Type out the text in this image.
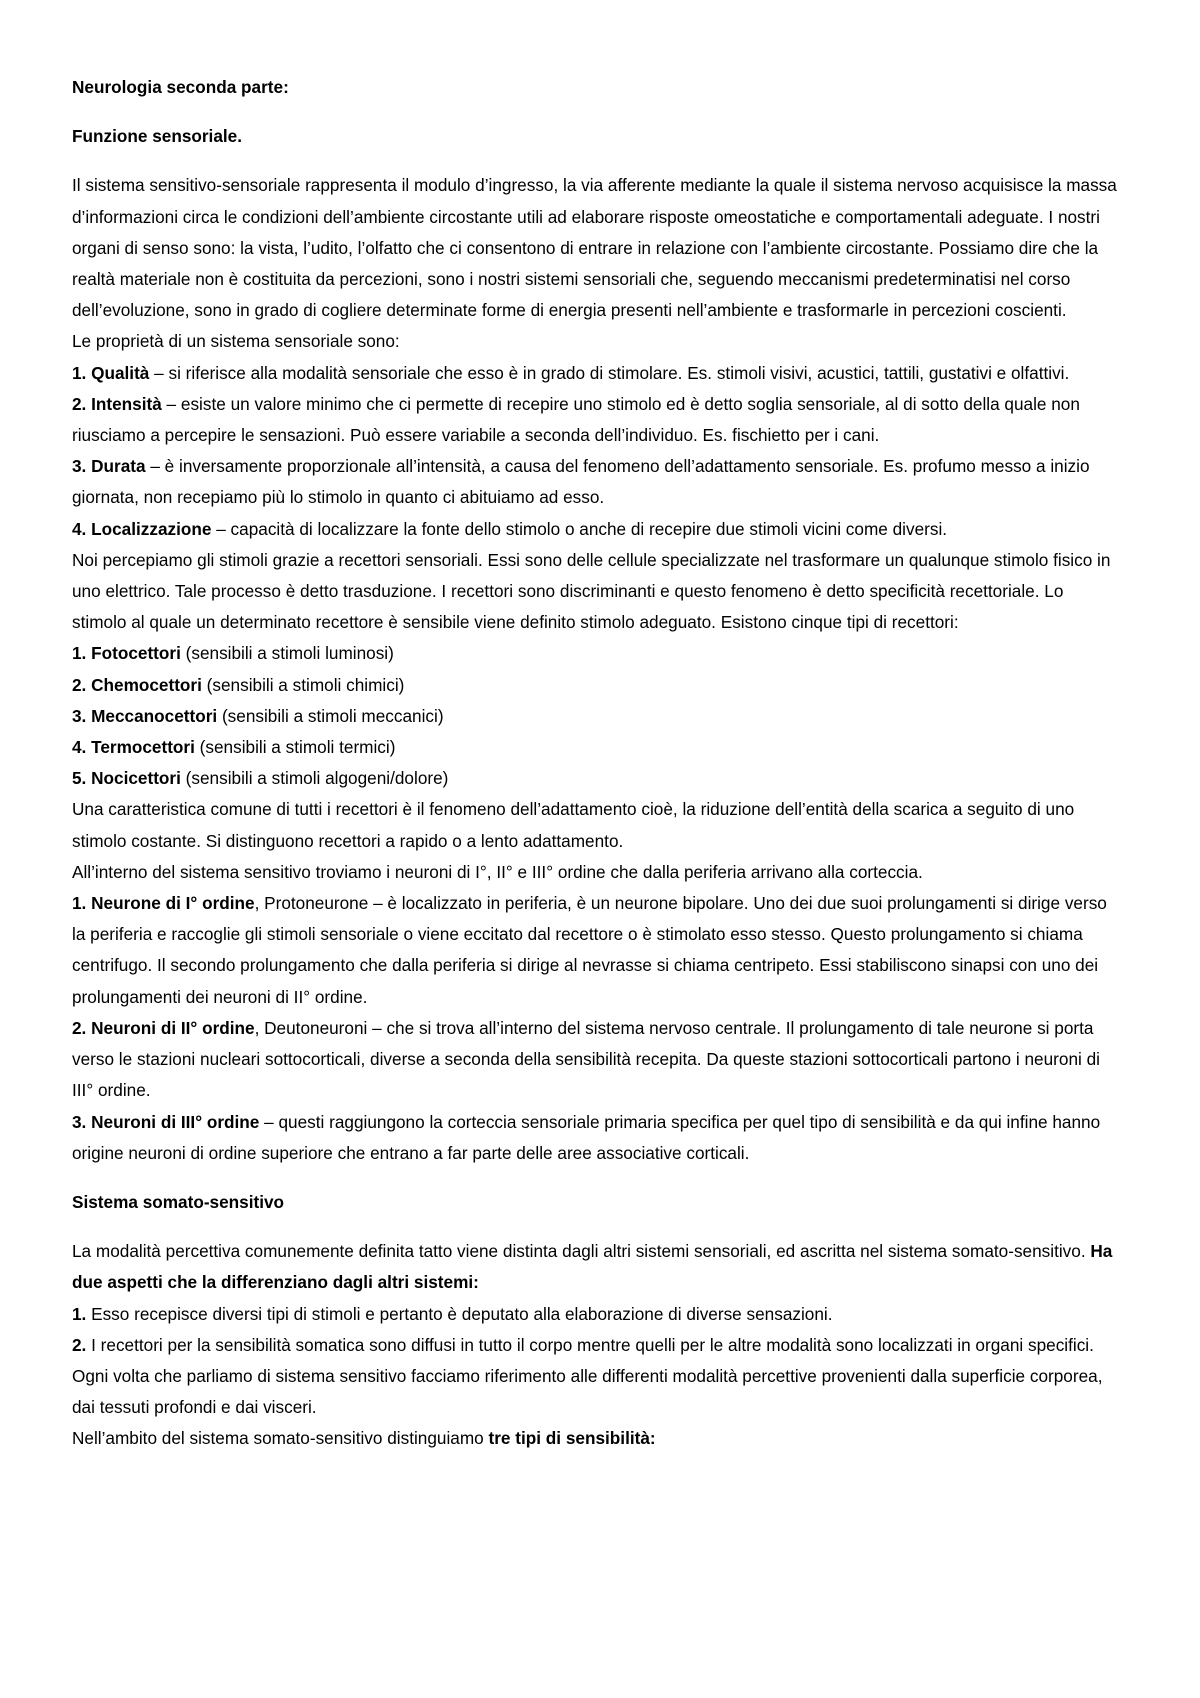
Neurologia seconda parte:

Funzione sensoriale.

Il sistema sensitivo-sensoriale rappresenta il modulo d’ingresso, la via afferente mediante la quale il sistema nervoso acquisisce la massa d’informazioni circa le condizioni dell’ambiente circostante utili ad elaborare risposte omeostatiche e comportamentali adeguate. I nostri organi di senso sono: la vista, l’udito, l’olfatto che ci consentono di entrare in relazione con l’ambiente circostante. Possiamo dire che la realtà materiale non è costituita da percezioni, sono i nostri sistemi sensoriali che, seguendo meccanismi predeterminatisi nel corso dell’evoluzione, sono in grado di cogliere determinate forme di energia presenti nell’ambiente e trasformarle in percezioni coscienti.

Le proprietà di un sistema sensoriale sono:

1. Qualità – si riferisce alla modalità sensoriale che esso è in grado di stimolare. Es. stimoli visivi, acustici, tattili, gustativi e olfattivi.

2. Intensità – esiste un valore minimo che ci permette di recepire uno stimolo ed è detto soglia sensoriale, al di sotto della quale non riusciamo a percepire le sensazioni. Può essere variabile a seconda dell’individuo. Es. fischietto per i cani.

3. Durata – è inversamente proporzionale all’intensità, a causa del fenomeno dell’adattamento sensoriale. Es. profumo messo a inizio giornata, non recepiamo più lo stimolo in quanto ci abituiamo ad esso.

4. Localizzazione – capacità di localizzare la fonte dello stimolo o anche di recepire due stimoli vicini come diversi.

Noi percepiamo gli stimoli grazie a recettori sensoriali. Essi sono delle cellule specializzate nel trasformare un qualunque stimolo fisico in uno elettrico. Tale processo è detto trasduzione. I recettori sono discriminanti e questo fenomeno è detto specificità recettoriale. Lo stimolo al quale un determinato recettore è sensibile viene definito stimolo adeguato. Esistono cinque tipi di recettori:

1. Fotocettori (sensibili a stimoli luminosi)

2. Chemocettori (sensibili a stimoli chimici)

3. Meccanocettori (sensibili a stimoli meccanici)

4. Termocettori (sensibili a stimoli termici)

5. Nocicettori (sensibili a stimoli algogeni/dolore)

Una caratteristica comune di tutti i recettori è il fenomeno dell’adattamento cioè, la riduzione dell’entità della scarica a seguito di uno stimolo costante. Si distinguono recettori a rapido o a lento adattamento.

All’interno del sistema sensitivo troviamo i neuroni di I°, II° e III° ordine che dalla periferia arrivano alla corteccia.

1. Neurone di I° ordine, Protoneurone – è localizzato in periferia, è un neurone bipolare. Uno dei due suoi prolungamenti si dirige verso la periferia e raccoglie gli stimoli sensoriale o viene eccitato dal recettore o è stimolato esso stesso. Questo prolungamento si chiama centrifugo. Il secondo prolungamento che dalla periferia si dirige al nevrasse si chiama centripeto. Essi stabiliscono sinapsi con uno dei prolungamenti dei neuroni di II° ordine.

2. Neuroni di II° ordine, Deutoneuroni – che si trova all’interno del sistema nervoso centrale. Il prolungamento di tale neurone si porta verso le stazioni nucleari sottocorticali, diverse a seconda della sensibilità recepita. Da queste stazioni sottocorticali partono i neuroni di III° ordine.

3. Neuroni di III° ordine – questi raggiungono la corteccia sensoriale primaria specifica per quel tipo di sensibilità e da qui infine hanno origine neuroni di ordine superiore che entrano a far parte delle aree associative corticali.

Sistema somato-sensitivo

La modalità percettiva comunemente definita tatto viene distinta dagli altri sistemi sensoriali, ed ascritta nel sistema somato-sensitivo. Ha due aspetti che la differenziano dagli altri sistemi:

1. Esso recepisce diversi tipi di stimoli e pertanto è deputato alla elaborazione di diverse sensazioni.

2. I recettori per la sensibilità somatica sono diffusi in tutto il corpo mentre quelli per le altre modalità sono localizzati in organi specifici.

Ogni volta che parliamo di sistema sensitivo facciamo riferimento alle differenti modalità percettive provenienti dalla superficie corporea, dai tessuti profondi e dai visceri.

Nell’ambito del sistema somato-sensitivo distinguiamo tre tipi di sensibilità:
